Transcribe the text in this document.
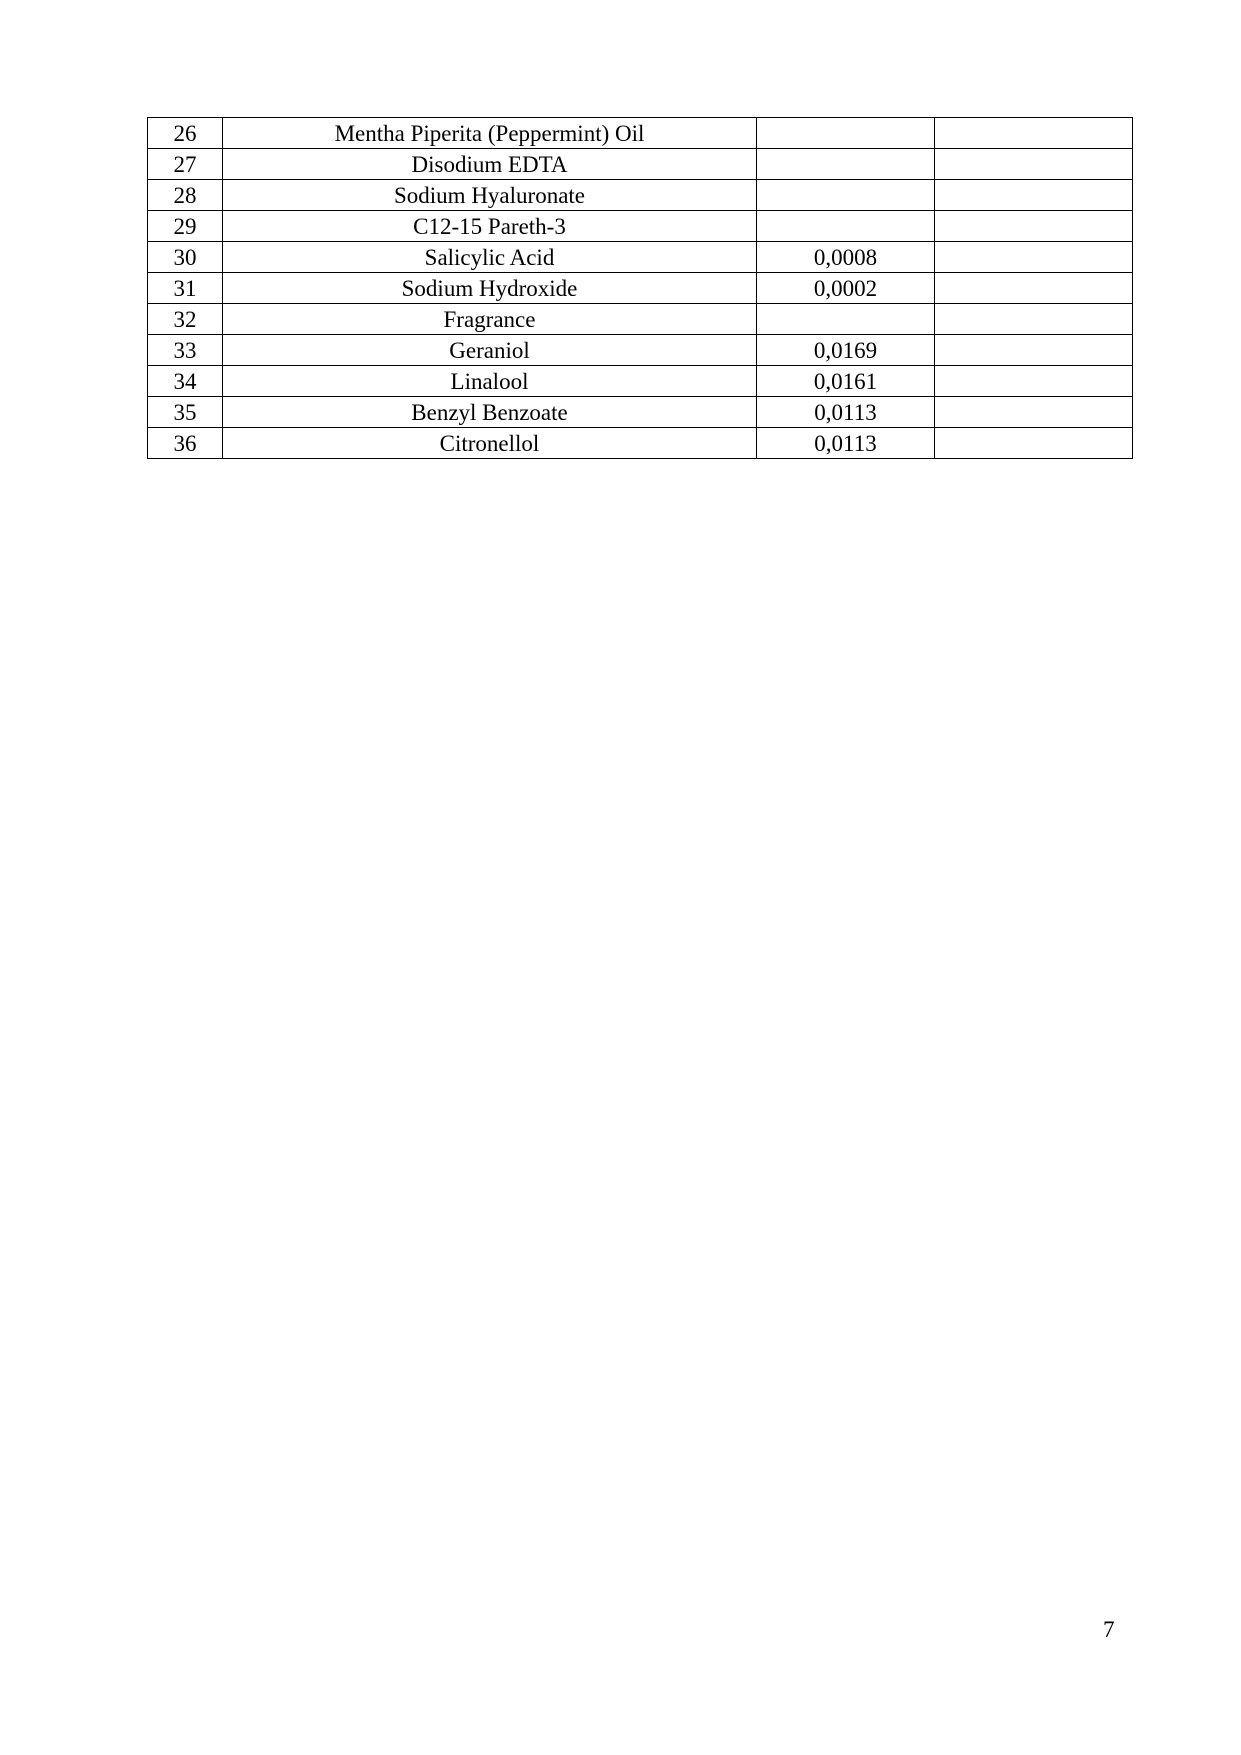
26	Mentha Piperita (Peppermint) Oil		
27	Disodium EDTA		
28	Sodium Hyaluronate		
29	C12-15 Pareth-3		
30	Salicylic Acid	0,0008	
31	Sodium Hydroxide	0,0002	
32	Fragrance		
33	Geraniol	0,0169	
34	Linalool	0,0161	
35	Benzyl Benzoate	0,0113	
36	Citronellol	0,0113	
7
